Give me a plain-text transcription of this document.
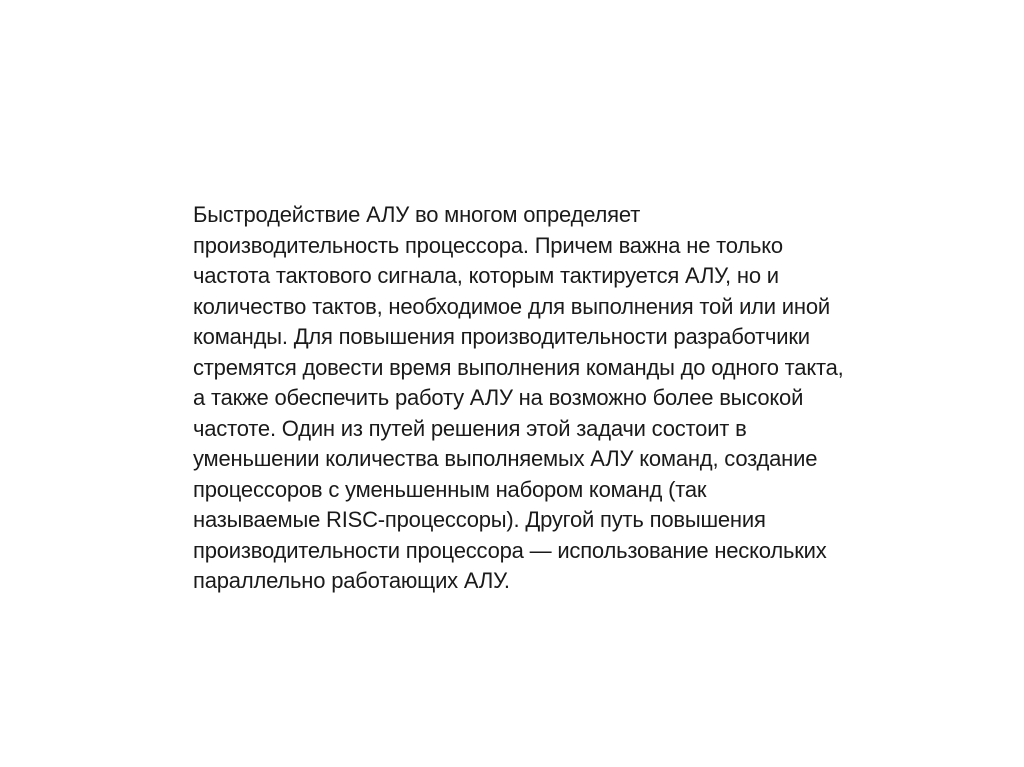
Быстродействие АЛУ во многом определяет
производительность процессора. Причем важна не только
частота тактового сигнала, которым тактируется АЛУ, но и
количество тактов, необходимое для выполнения той или иной
команды. Для повышения производительности разработчики
стремятся довести время выполнения команды до одного такта,
а также обеспечить работу АЛУ на возможно более высокой
частоте. Один из путей решения этой задачи состоит в
уменьшении количества выполняемых АЛУ команд, создание
процессоров с уменьшенным набором команд (так
называемые RISC-процессоры). Другой путь повышения
производительности процессора — использование нескольких
параллельно работающих АЛУ.
